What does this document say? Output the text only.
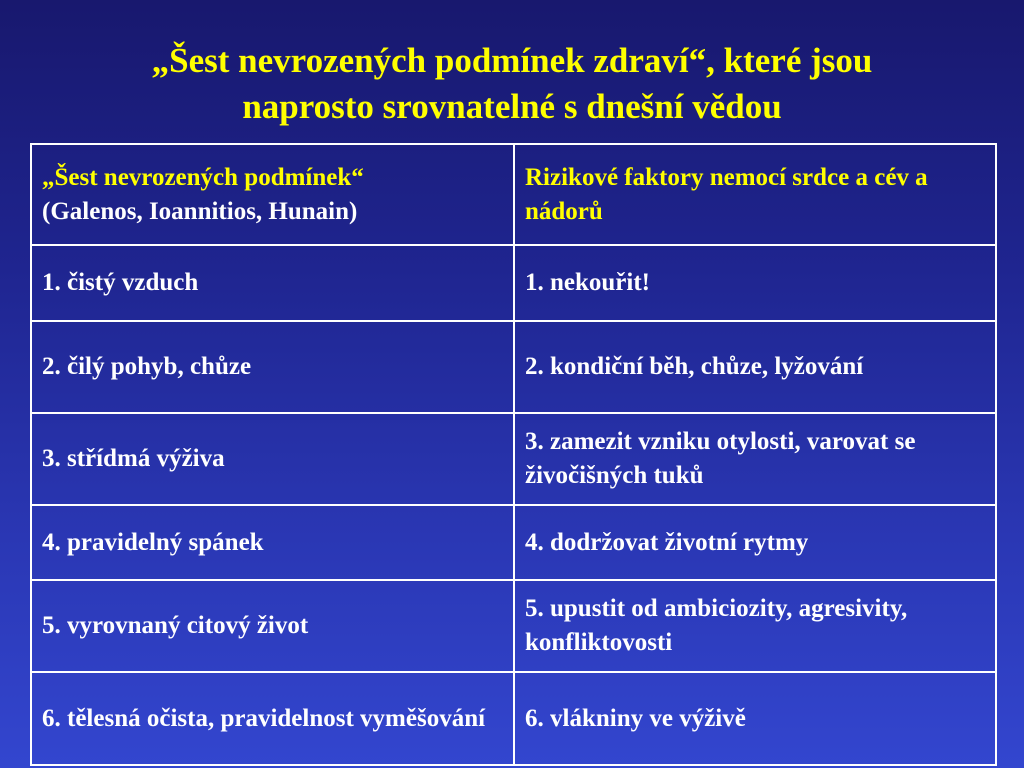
„Šest nevrozených podmínek zdraví“, které jsou
naprosto srovnatelné s dnešní vědou
„Šest nevrozených podmínek“
(Galenos, Ioannitios, Hunain)	Rizikové faktory nemocí srdce a cév a nádorů

1. čistý vzduch	1. nekouřit!
2. čilý pohyb, chůze	2. kondiční běh, chůze, lyžování
3. střídmá výživa	3. zamezit vzniku otylosti, varovat se živočišných tuků
4. pravidelný spánek	4. dodržovat životní rytmy
5. vyrovnaný citový život	5. upustit od ambiciozity, agresivity, konfliktovosti
6. tělesná očista, pravidelnost vyměšování	6. vlákniny ve výživě
